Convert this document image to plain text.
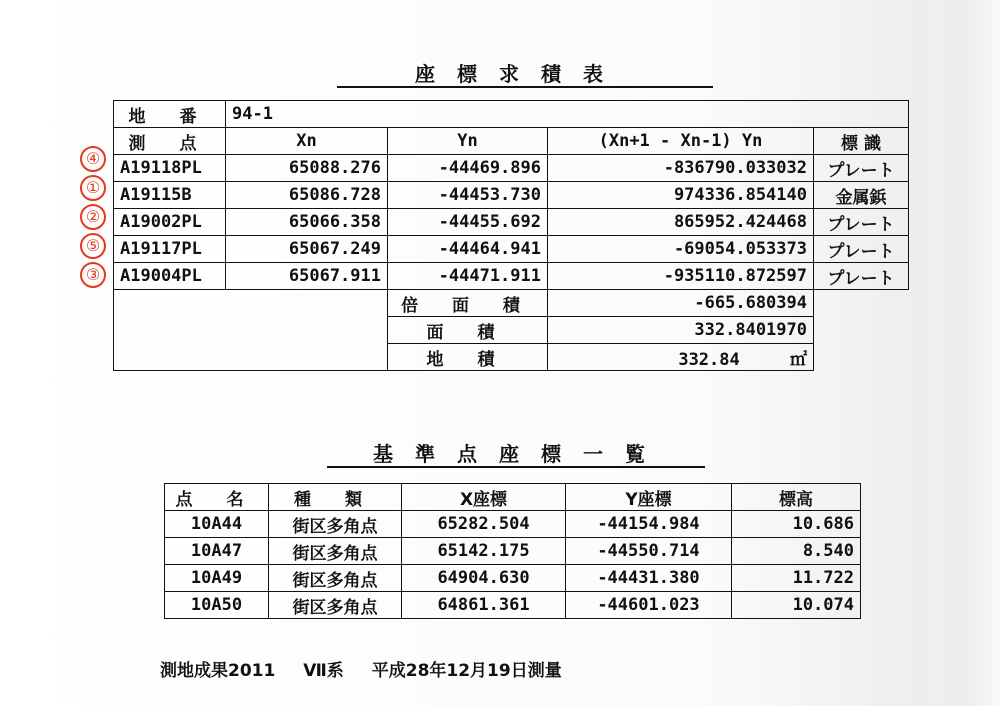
座標求積表
地 番	94-1			
測 点	Xn	Yn	(Xn+1 - Xn-1) Yn	標 識
A19118PL	65088.276	-44469.896	-836790.033032	プレート
A19115B	65086.728	-44453.730	974336.854140	金属鋲
A19002PL	65066.358	-44455.692	865952.424468	プレート
A19117PL	65067.249	-44464.941	-69054.053373	プレート
A19004PL	65067.911	-44471.911	-935110.872597	プレート
		倍 面 積	-665.680394	
		面 積	332.8401970	
		地 積	332.84 ㎡	
④
①
②
⑤
③
基準点座標一覧
点 名	種 類	X座標	Y座標	標高
10A44	街区多角点	65282.504	-44154.984	10.686
10A47	街区多角点	65142.175	-44550.714	8.540
10A49	街区多角点	64904.630	-44431.380	11.722
10A50	街区多角点	64861.361	-44601.023	10.074
測地成果2011 Ⅶ系 平成28年12月19日測量
